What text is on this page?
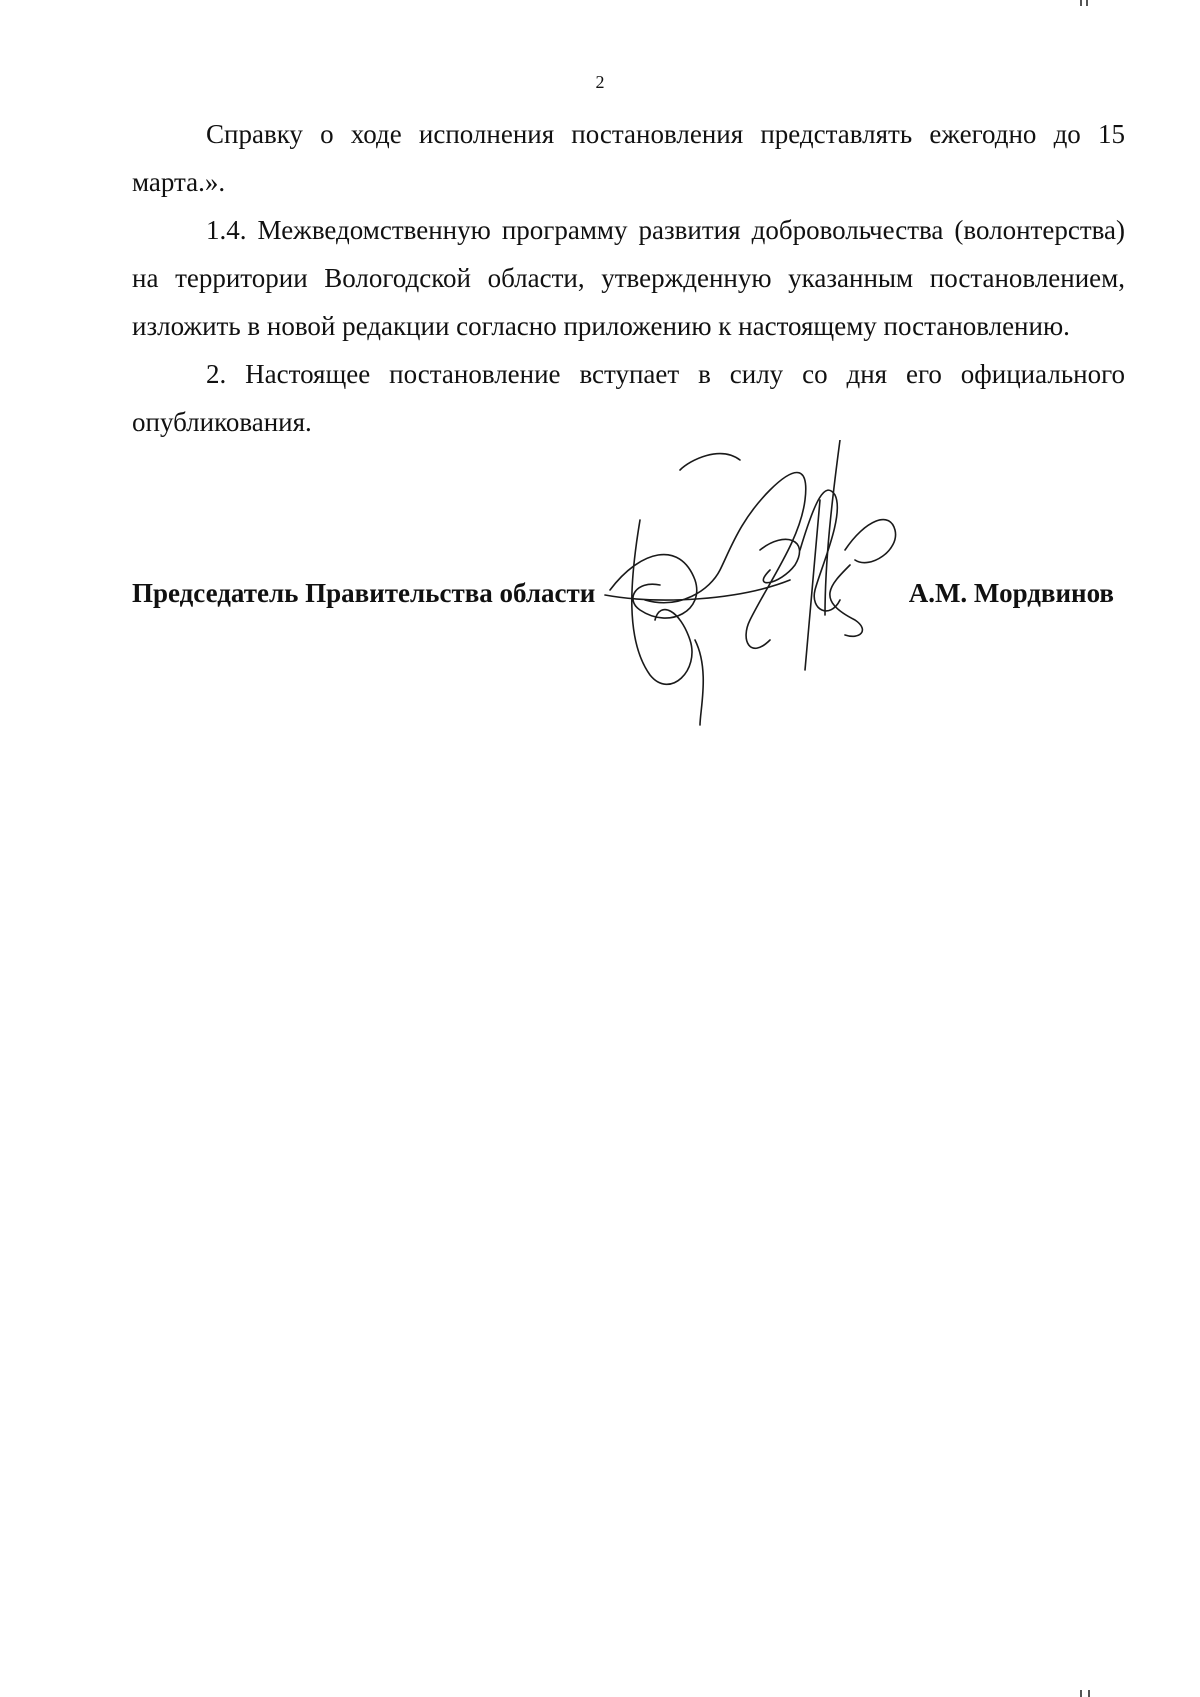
2

Справку о ходе исполнения постановления представлять ежегодно до 15 марта.».

1.4. Межведомственную программу развития добровольчества (волонтерства) на территории Вологодской области, утвержденную указанным постановлением, изложить в новой редакции согласно приложению к настоящему постановлению.

2. Настоящее постановление вступает в силу со дня его официального опубликования.

Председатель Правительства области	А.М. Мордвинов
